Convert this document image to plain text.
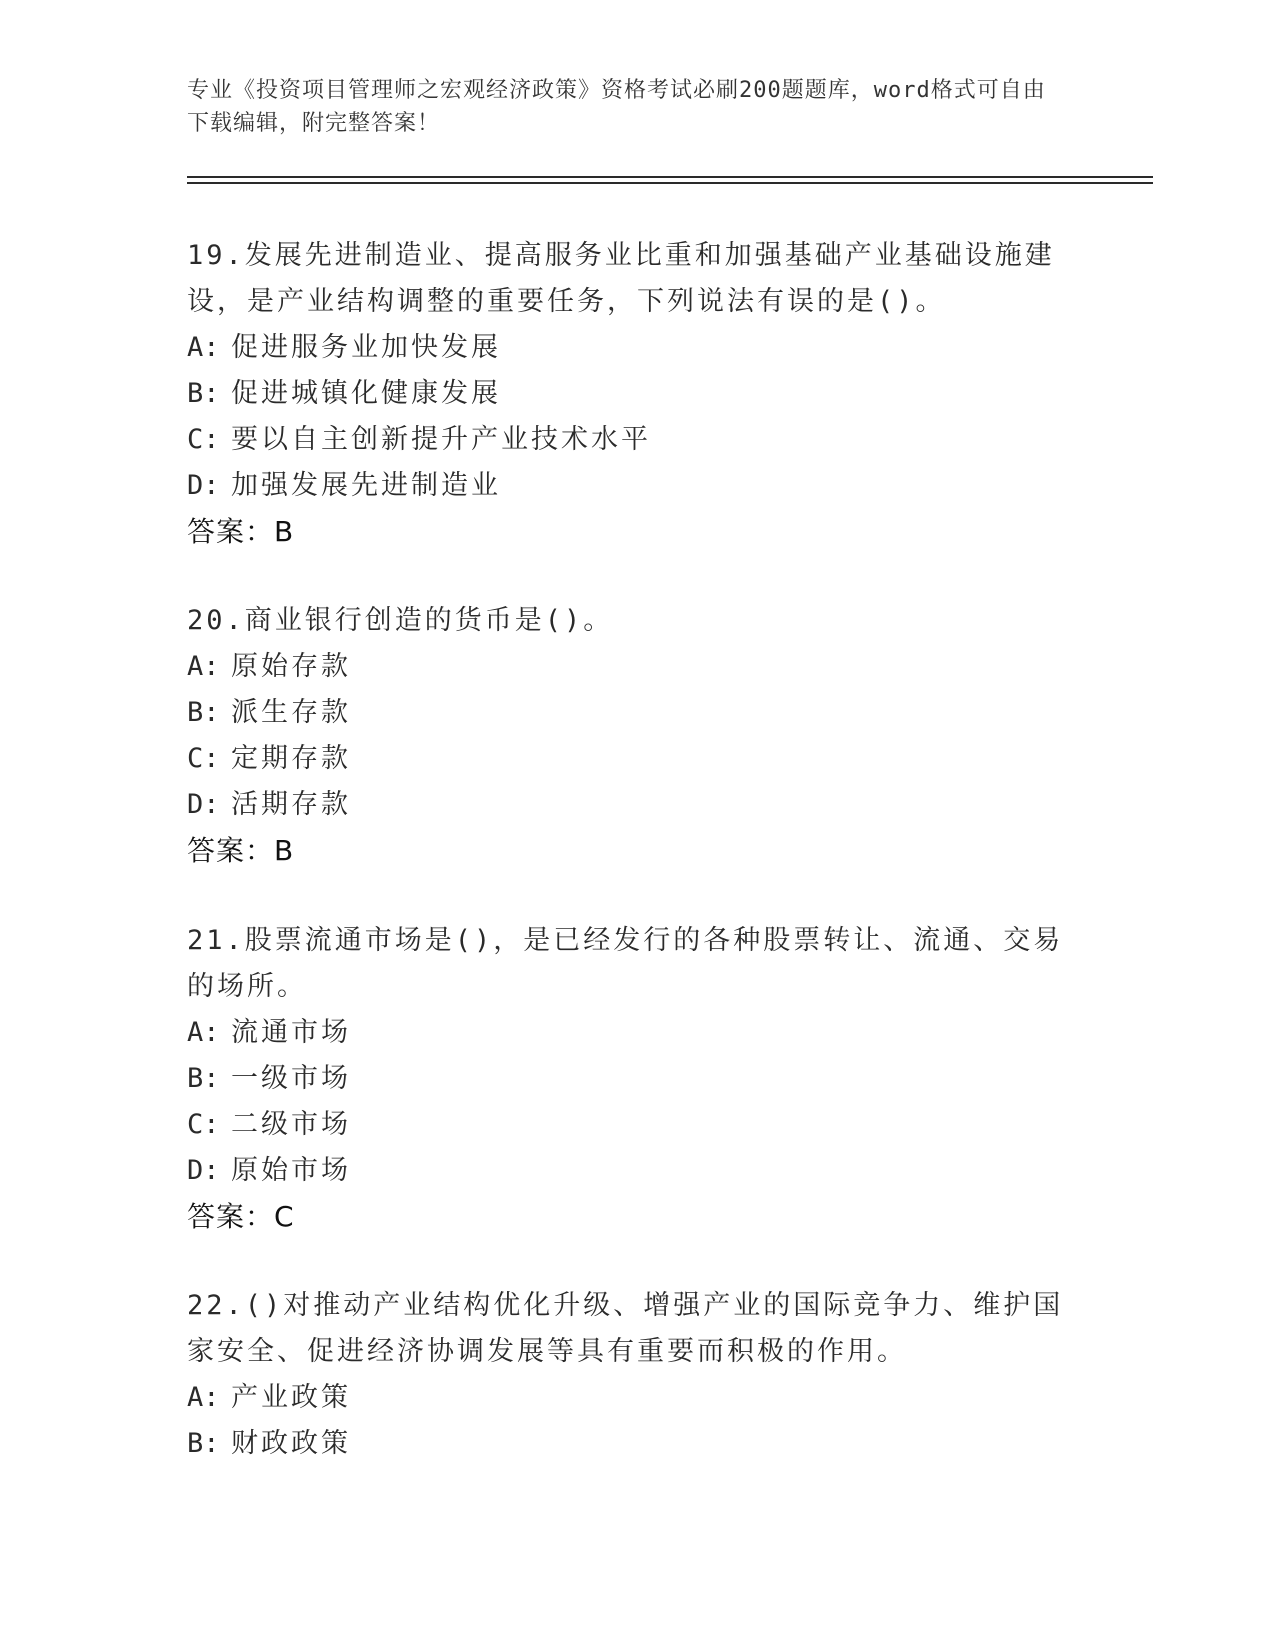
专业《投资项目管理师之宏观经济政策》资格考试必刷200题题库，word格式可自由下载编辑，附完整答案！

19.发展先进制造业、提高服务业比重和加强基础产业基础设施建设，是产业结构调整的重要任务，下列说法有误的是()。

A: 促进服务业加快发展
B: 促进城镇化健康发展
C: 要以自主创新提升产业技术水平
D: 加强发展先进制造业
答案：B

20.商业银行创造的货币是()。

A: 原始存款
B: 派生存款
C: 定期存款
D: 活期存款
答案：B

21.股票流通市场是()，是已经发行的各种股票转让、流通、交易的场所。

A: 流通市场
B: 一级市场
C: 二级市场
D: 原始市场
答案：C

22.()对推动产业结构优化升级、增强产业的国际竞争力、维护国家安全、促进经济协调发展等具有重要而积极的作用。

A: 产业政策
B: 财政政策
